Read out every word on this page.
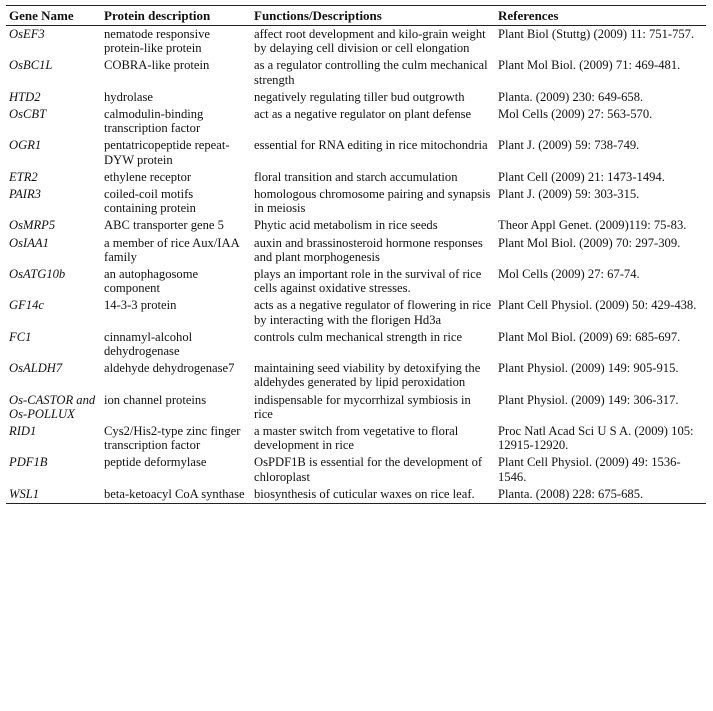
Gene Name	Protein description	Functions/Descriptions	References
OsEF3	nematode responsive protein-like protein	affect root development and kilo-grain weight by delaying cell division or cell elongation	Plant Biol (Stuttg) (2009) 11: 751-757.
OsBC1L	COBRA-like protein	as a regulator controlling the culm mechanical strength	Plant Mol Biol. (2009) 71: 469-481.
HTD2	hydrolase	negatively regulating tiller bud outgrowth	Planta. (2009) 230: 649-658.
OsCBT	calmodulin-binding transcription factor	act as a negative regulator on plant defense	Mol Cells (2009) 27: 563-570.
OGR1	pentatricopeptide repeat-DYW protein	essential for RNA editing in rice mitochondria	Plant J. (2009) 59: 738-749.
ETR2	ethylene receptor	floral transition and starch accumulation	Plant Cell (2009) 21: 1473-1494.
PAIR3	coiled-coil motifs containing protein	homologous chromosome pairing and synapsis in meiosis	Plant J. (2009) 59: 303-315.
OsMRP5	ABC transporter gene 5	Phytic acid metabolism in rice seeds	Theor Appl Genet. (2009)119: 75-83.
OsIAA1	a member of rice Aux/IAA family	auxin and brassinosteroid hormone responses and plant morphogenesis	Plant Mol Biol. (2009) 70: 297-309.
OsATG10b	an autophagosome component	plays an important role in the survival of rice cells against oxidative stresses.	Mol Cells (2009) 27: 67-74.
GF14c	14-3-3 protein	acts as a negative regulator of flowering in rice by interacting with the florigen Hd3a	Plant Cell Physiol. (2009) 50: 429-438.
FC1	cinnamyl-alcohol dehydrogenase	controls culm mechanical strength in rice	Plant Mol Biol. (2009) 69: 685-697.
OsALDH7	aldehyde dehydrogenase7	maintaining seed viability by detoxifying the aldehydes generated by lipid peroxidation	Plant Physiol. (2009) 149: 905-915.
Os-CASTOR and Os-POLLUX	ion channel proteins	indispensable for mycorrhizal symbiosis in rice	Plant Physiol. (2009) 149: 306-317.
RID1	Cys2/His2-type zinc finger transcription factor	a master switch from vegetative to floral development in rice	Proc Natl Acad Sci U S A. (2009) 105: 12915-12920.
PDF1B	peptide deformylase	OsPDF1B is essential for the development of chloroplast	Plant Cell Physiol. (2009) 49: 1536-1546.
WSL1	beta-ketoacyl CoA synthase	biosynthesis of cuticular waxes on rice leaf.	Planta. (2008) 228: 675-685.
